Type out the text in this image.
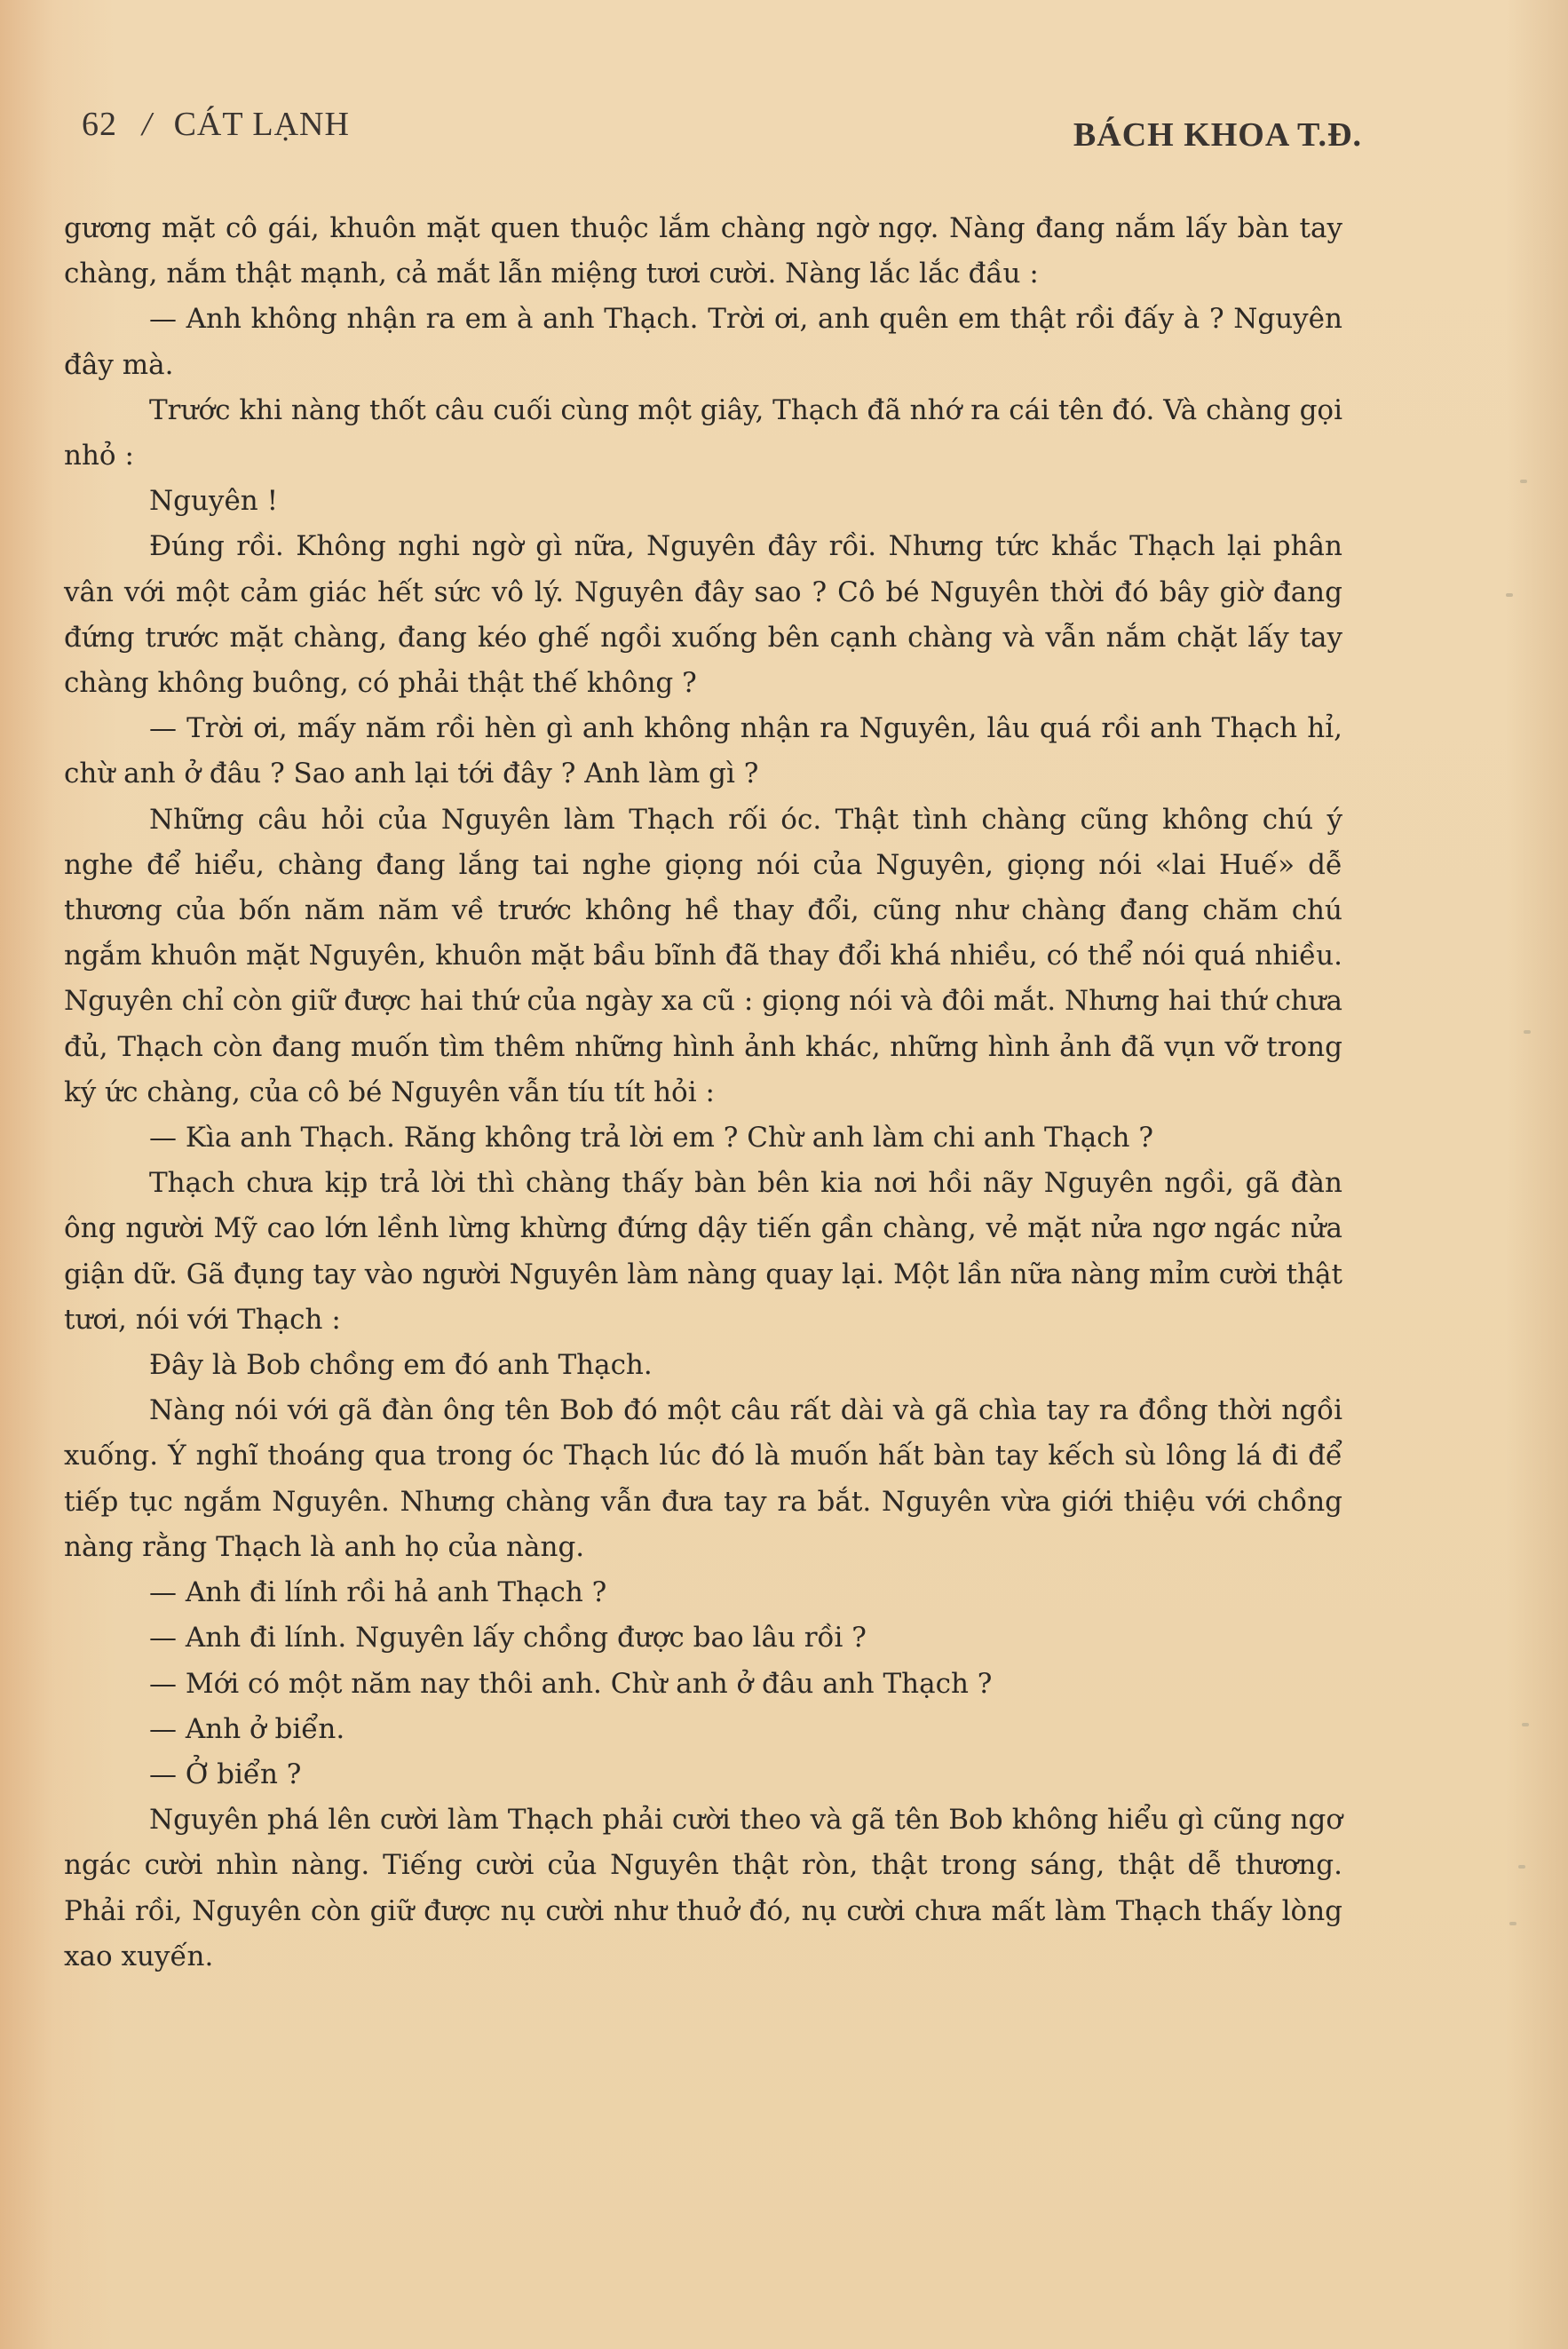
62 / CÁT LẠNH	BÁCH KHOA T.Đ.

gương mặt cô gái, khuôn mặt quen thuộc lắm chàng ngờ ngợ. Nàng đang nắm lấy bàn tay chàng, nắm thật mạnh, cả mắt lẫn miệng tươi cười. Nàng lắc lắc đầu :

— Anh không nhận ra em à anh Thạch. Trời ơi, anh quên em thật rồi đấy à ? Nguyên đây mà.

Trước khi nàng thốt câu cuối cùng một giây, Thạch đã nhớ ra cái tên đó. Và chàng gọi nhỏ :

Nguyên !

Đúng rồi. Không nghi ngờ gì nữa, Nguyên đây rồi. Nhưng tức khắc Thạch lại phân vân với một cảm giác hết sức vô lý. Nguyên đây sao ? Cô bé Nguyên thời đó bây giờ đang đứng trước mặt chàng, đang kéo ghế ngồi xuống bên cạnh chàng và vẫn nắm chặt lấy tay chàng không buông, có phải thật thế không ?

— Trời ơi, mấy năm rồi hèn gì anh không nhận ra Nguyên, lâu quá rồi anh Thạch hỉ, chừ anh ở đâu ? Sao anh lại tới đây ? Anh làm gì ?

Những câu hỏi của Nguyên làm Thạch rối óc. Thật tình chàng cũng không chú ý nghe để hiểu, chàng đang lắng tai nghe giọng nói của Nguyên, giọng nói «lai Huế» dễ thương của bốn năm năm về trước không hề thay đổi, cũng như chàng đang chăm chú ngắm khuôn mặt Nguyên, khuôn mặt bầu bĩnh đã thay đổi khá nhiều, có thể nói quá nhiều. Nguyên chỉ còn giữ được hai thứ của ngày xa cũ : giọng nói và đôi mắt. Nhưng hai thứ chưa đủ, Thạch còn đang muốn tìm thêm những hình ảnh khác, những hình ảnh đã vụn vỡ trong ký ức chàng, của cô bé Nguyên vẫn tíu tít hỏi :

— Kìa anh Thạch. Răng không trả lời em ? Chừ anh làm chi anh Thạch ?

Thạch chưa kịp trả lời thì chàng thấy bàn bên kia nơi hồi nãy Nguyên ngồi, gã đàn ông người Mỹ cao lớn lềnh lừng khừng đứng dậy tiến gần chàng, vẻ mặt nửa ngơ ngác nửa giận dữ. Gã đụng tay vào người Nguyên làm nàng quay lại. Một lần nữa nàng mỉm cười thật tươi, nói với Thạch :

Đây là Bob chồng em đó anh Thạch.

Nàng nói với gã đàn ông tên Bob đó một câu rất dài và gã chìa tay ra đồng thời ngồi xuống. Ý nghĩ thoáng qua trong óc Thạch lúc đó là muốn hất bàn tay kếch sù lông lá đi để tiếp tục ngắm Nguyên. Nhưng chàng vẫn đưa tay ra bắt. Nguyên vừa giới thiệu với chồng nàng rằng Thạch là anh họ của nàng.

— Anh đi lính rồi hả anh Thạch ?

— Anh đi lính. Nguyên lấy chồng được bao lâu rồi ?

— Mới có một năm nay thôi anh. Chừ anh ở đâu anh Thạch ?

— Anh ở biển.

— Ở biển ?

Nguyên phá lên cười làm Thạch phải cười theo và gã tên Bob không hiểu gì cũng ngơ ngác cười nhìn nàng. Tiếng cười của Nguyên thật ròn, thật trong sáng, thật dễ thương. Phải rồi, Nguyên còn giữ được nụ cười như thuở đó, nụ cười chưa mất làm Thạch thấy lòng xao xuyến.
